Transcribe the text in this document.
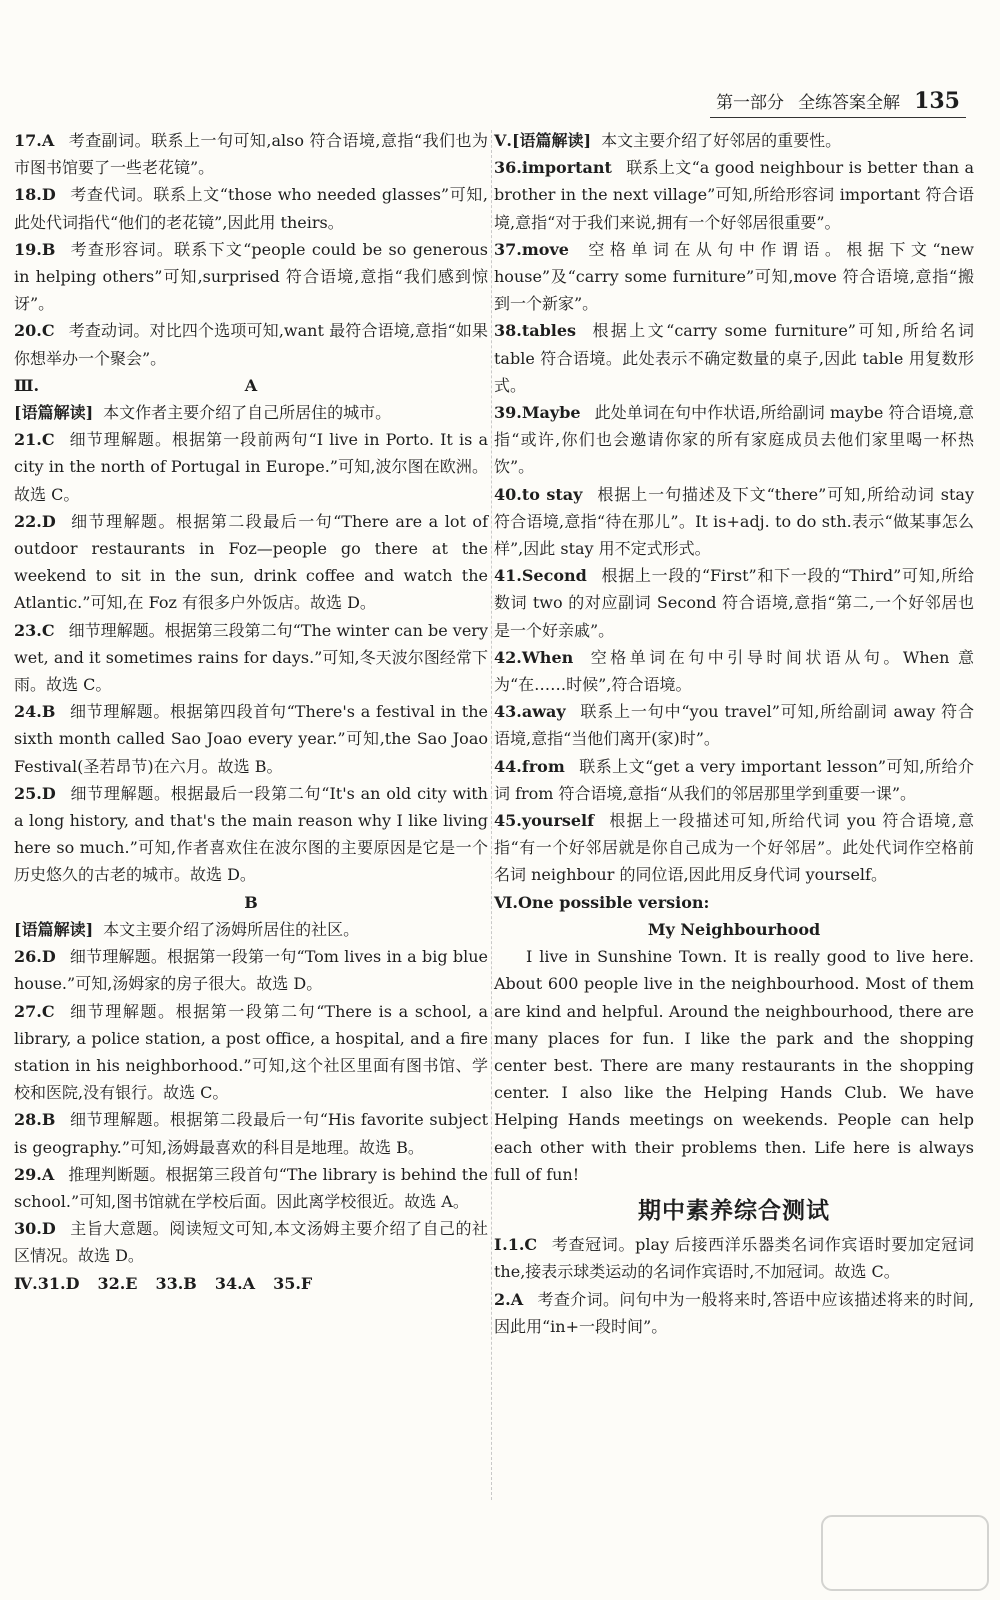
第一部分 全练答案全解 135

17.A 考查副词。联系上一句可知,also 符合语境,意指“我们也为市图书馆要了一些老花镜”。

18.D 考查代词。联系上文“those who needed glasses”可知,此处代词指代“他们的老花镜”,因此用 theirs。

19.B 考查形容词。联系下文“people could be so generous in helping others”可知,surprised 符合语境,意指“我们感到惊讶”。

20.C 考查动词。对比四个选项可知,want 最符合语境,意指“如果你想举办一个聚会”。

Ⅲ.	A

[语篇解读] 本文作者主要介绍了自己所居住的城市。

21.C 细节理解题。根据第一段前两句“I live in Porto. It is a city in the north of Portugal in Europe.”可知,波尔图在欧洲。故选 C。

22.D 细节理解题。根据第二段最后一句“There are a lot of outdoor restaurants in Foz—people go there at the weekend to sit in the sun, drink coffee and watch the Atlantic.”可知,在 Foz 有很多户外饭店。故选 D。

23.C 细节理解题。根据第三段第二句“The winter can be very wet, and it sometimes rains for days.”可知,冬天波尔图经常下雨。故选 C。

24.B 细节理解题。根据第四段首句“There's a festival in the sixth month called Sao Joao every year.”可知,the Sao Joao Festival(圣若昂节)在六月。故选 B。

25.D 细节理解题。根据最后一段第二句“It's an old city with a long history, and that's the main reason why I like living here so much.”可知,作者喜欢住在波尔图的主要原因是它是一个历史悠久的古老的城市。故选 D。

B

[语篇解读] 本文主要介绍了汤姆所居住的社区。

26.D 细节理解题。根据第一段第一句“Tom lives in a big blue house.”可知,汤姆家的房子很大。故选 D。

27.C 细节理解题。根据第一段第二句“There is a school, a library, a police station, a post office, a hospital, and a fire station in his neighborhood.”可知,这个社区里面有图书馆、学校和医院,没有银行。故选 C。

28.B 细节理解题。根据第二段最后一句“His favorite subject is geography.”可知,汤姆最喜欢的科目是地理。故选 B。

29.A 推理判断题。根据第三段首句“The library is behind the school.”可知,图书馆就在学校后面。因此离学校很近。故选 A。

30.D 主旨大意题。阅读短文可知,本文汤姆主要介绍了自己的社区情况。故选 D。

Ⅳ.31.D 32.E 33.B 34.A 35.F

Ⅴ.[语篇解读] 本文主要介绍了好邻居的重要性。

36.important 联系上文“a good neighbour is better than a brother in the next village”可知,所给形容词 important 符合语境,意指“对于我们来说,拥有一个好邻居很重要”。

37.move 空格单词在从句中作谓语。根据下文“new house”及“carry some furniture”可知,move 符合语境,意指“搬到一个新家”。

38.tables 根据上文“carry some furniture”可知,所给名词 table 符合语境。此处表示不确定数量的桌子,因此 table 用复数形式。

39.Maybe 此处单词在句中作状语,所给副词 maybe 符合语境,意指“或许,你们也会邀请你家的所有家庭成员去他们家里喝一杯热饮”。

40.to stay 根据上一句描述及下文“there”可知,所给动词 stay 符合语境,意指“待在那儿”。It is+adj. to do sth.表示“做某事怎么样”,因此 stay 用不定式形式。

41.Second 根据上一段的“First”和下一段的“Third”可知,所给数词 two 的对应副词 Second 符合语境,意指“第二,一个好邻居也是一个好亲戚”。

42.When 空格单词在句中引导时间状语从句。When 意为“在……时候”,符合语境。

43.away 联系上一句中“you travel”可知,所给副词 away 符合语境,意指“当他们离开(家)时”。

44.from 联系上文“get a very important lesson”可知,所给介词 from 符合语境,意指“从我们的邻居那里学到重要一课”。

45.yourself 根据上一段描述可知,所给代词 you 符合语境,意指“有一个好邻居就是你自己成为一个好邻居”。此处代词作空格前名词 neighbour 的同位语,因此用反身代词 yourself。

Ⅵ.One possible version:

My Neighbourhood

I live in Sunshine Town. It is really good to live here. About 600 people live in the neighbourhood. Most of them are kind and helpful. Around the neighbourhood, there are many places for fun. I like the park and the shopping center best. There are many restaurants in the shopping center. I also like the Helping Hands Club. We have Helping Hands meetings on weekends. People can help each other with their problems then. Life here is always full of fun!

期中素养综合测试

Ⅰ.1.C 考查冠词。play 后接西洋乐器类名词作宾语时要加定冠词 the,接表示球类运动的名词作宾语时,不加冠词。故选 C。

2.A 考查介词。问句中为一般将来时,答语中应该描述将来的时间,因此用“in+一段时间”。
